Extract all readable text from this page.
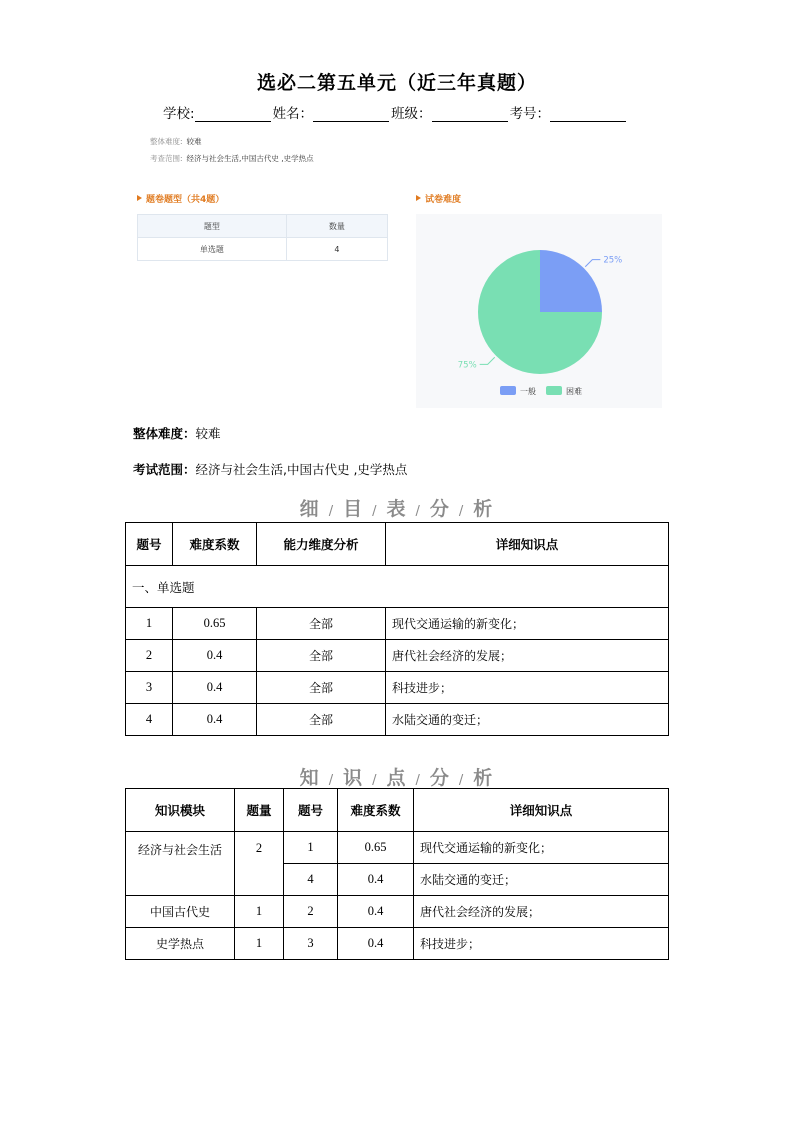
选必二第五单元（近三年真题）
学校:	姓名：	班级：	考号：
整体难度: 较难
考查范围: 经济与社会生活,中国古代史 ,史学热点
题卷题型（共4题）
题型	数量
单选题	4
试卷难度
25%
75%
一般	困难
整体难度：较难
考试范围：经济与社会生活,中国古代史 ,史学热点
细 / 目 / 表 / 分 / 析
题号	难度系数	能力维度分析	详细知识点
一、单选题			
1	0.65	全部	现代交通运输的新变化；
2	0.4	全部	唐代社会经济的发展；
3	0.4	全部	科技进步；
4	0.4	全部	水陆交通的变迁；
知 / 识 / 点 / 分 / 析
知识模块	题量	题号	难度系数	详细知识点
经济与社会生活	2	1	0.65	现代交通运输的新变化；
		4	0.4	水陆交通的变迁；
中国古代史	1	2	0.4	唐代社会经济的发展；
史学热点	1	3	0.4	科技进步；
